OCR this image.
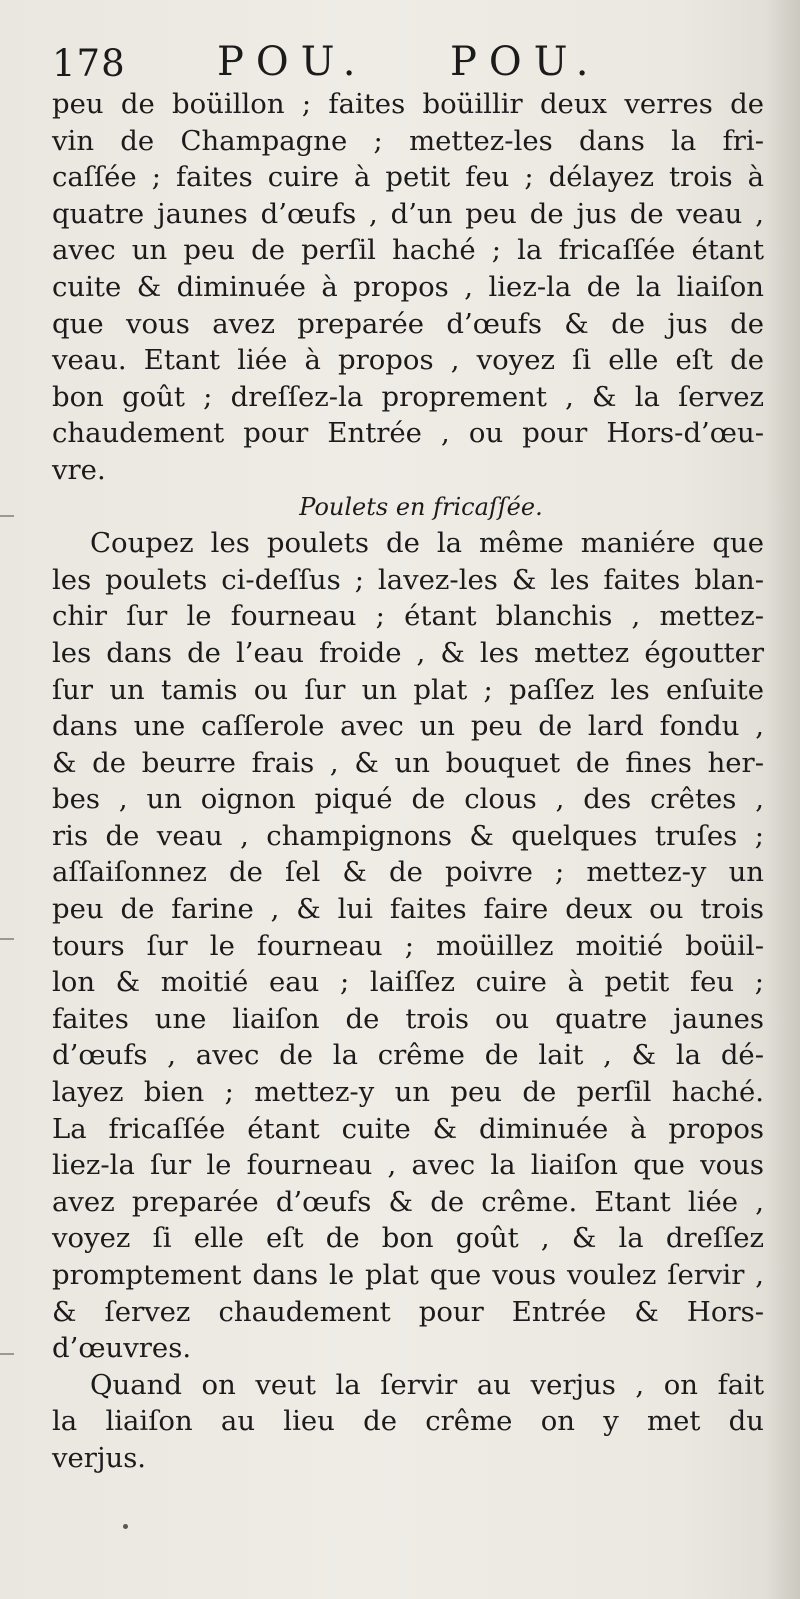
178 POU. POU.
peu de boüillon ; faites boüillir deux verres de
vin de Champagne ; mettez-les dans la fri-
caſſée ; faites cuire à petit feu ; délayez trois à
quatre jaunes d’œufs , d’un peu de jus de veau ,
avec un peu de perſil haché ; la fricaſſée étant
cuite & diminuée à propos , liez-la de la liaiſon
que vous avez preparée d’œufs & de jus de
veau. Etant liée à propos , voyez ſi elle eſt de
bon goût ; dreſſez-la proprement , & la ſervez
chaudement pour Entrée , ou pour Hors-d’œu-
vre.
Poulets en fricaſſée.
Coupez les poulets de la même maniére que
les poulets ci-deſſus ; lavez-les & les faites blan-
chir ſur le fourneau ; étant blanchis , mettez-
les dans de l’eau froide , & les mettez égoutter
ſur un tamis ou ſur un plat ; paſſez les enſuite
dans une caſſerole avec un peu de lard fondu ,
& de beurre frais , & un bouquet de fines her-
bes , un oignon piqué de clous , des crêtes ,
ris de veau , champignons & quelques truſes ;
aſſaiſonnez de ſel & de poivre ; mettez-y un
peu de farine , & lui faites faire deux ou trois
tours ſur le fourneau ; moüillez moitié boüil-
lon & moitié eau ; laiſſez cuire à petit feu ;
faites une liaiſon de trois ou quatre jaunes
d’œufs , avec de la crême de lait , & la dé-
layez bien ; mettez-y un peu de perſil haché.
La fricaſſée étant cuite & diminuée à propos
liez-la ſur le fourneau , avec la liaiſon que vous
avez preparée d’œufs & de crême. Etant liée ,
voyez ſi elle eſt de bon goût , & la dreſſez
promptement dans le plat que vous voulez ſervir ,
& ſervez chaudement pour Entrée & Hors-
d’œuvres.
Quand on veut la ſervir au verjus , on fait
la liaiſon au lieu de crême on y met du
verjus.
